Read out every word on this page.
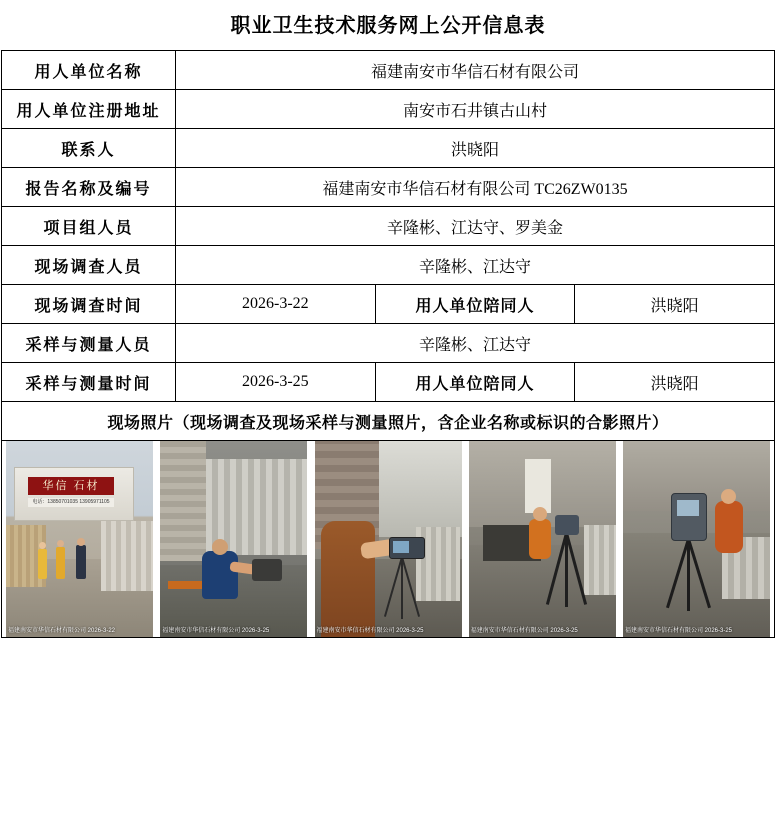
职业卫生技术服务网上公开信息表
用人单位名称	福建南安市华信石材有限公司		
用人单位注册地址	南安市石井镇古山村		
联系人	洪晓阳		
报告名称及编号	福建南安市华信石材有限公司 TC26ZW0135		
项目组人员	辛隆彬、江达守、罗美金		
现场调查人员	辛隆彬、江达守		
现场调查时间	2026-3-22	用人单位陪同人	洪晓阳
采样与测量人员	辛隆彬、江达守		
采样与测量时间	2026-3-25	用人单位陪同人	洪晓阳
现场照片（现场调查及现场采样与测量照片，含企业名称或标识的合影照片）			

华信 石材
电话：13850701035 13905971105
福建南安市华信石材有限公司 2026-3-22	福建南安市华信石材有限公司 2026-3-25	福建南安市华信石材有限公司 2026-3-25	福建南安市华信石材有限公司 2026-3-25	福建南安市华信石材有限公司 2026-3-25
